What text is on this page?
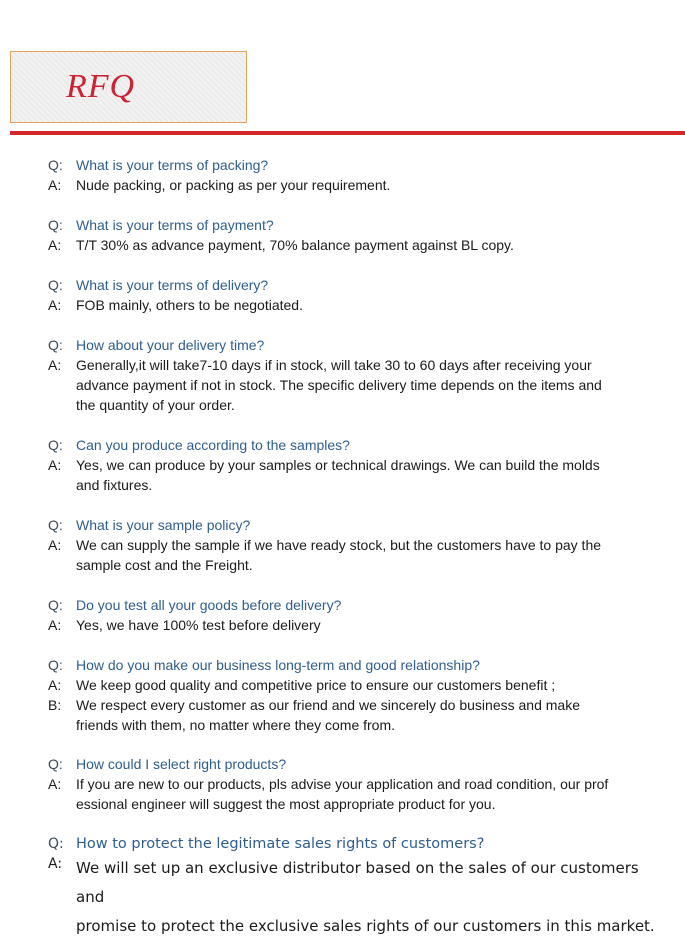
RFQ
Q: What is your terms of packing?
A:	Nude packing, or packing as per your requirement.
Q: What is your terms of payment?
A:	T/T 30% as advance payment, 70% balance payment against BL copy.
Q: What is your terms of delivery?
A:	FOB mainly, others to be negotiated.
Q: How about your delivery time?
A:	Generally,it will take7-10 days if in stock, will take 30 to 60 days after receiving your
advance payment if not in stock. The specific delivery time depends on the items and
the quantity of your order.
Q: Can you produce according to the samples?
A:	Yes, we can produce by your samples or technical drawings. We can build the molds
and fixtures.
Q: What is your sample policy?
A:	We can supply the sample if we have ready stock, but the customers have to pay the
sample cost and the Freight.
Q: Do you test all your goods before delivery?
A:	Yes, we have 100% test before delivery
Q: How do you make our business long-term and good relationship?
A:	We keep good quality and competitive price to ensure our customers benefit ;
B:	We respect every customer as our friend and we sincerely do business and make
friends with them, no matter where they come from.
Q: How could I select right products?
A:	If you are new to our products, pls advise your application and road condition, our prof
essional engineer will suggest the most appropriate product for you.
Q: How to protect the legitimate sales rights of customers?
A: We will set up an exclusive distributor based on the sales of our customers and
promise to protect the exclusive sales rights of our customers in this market.
